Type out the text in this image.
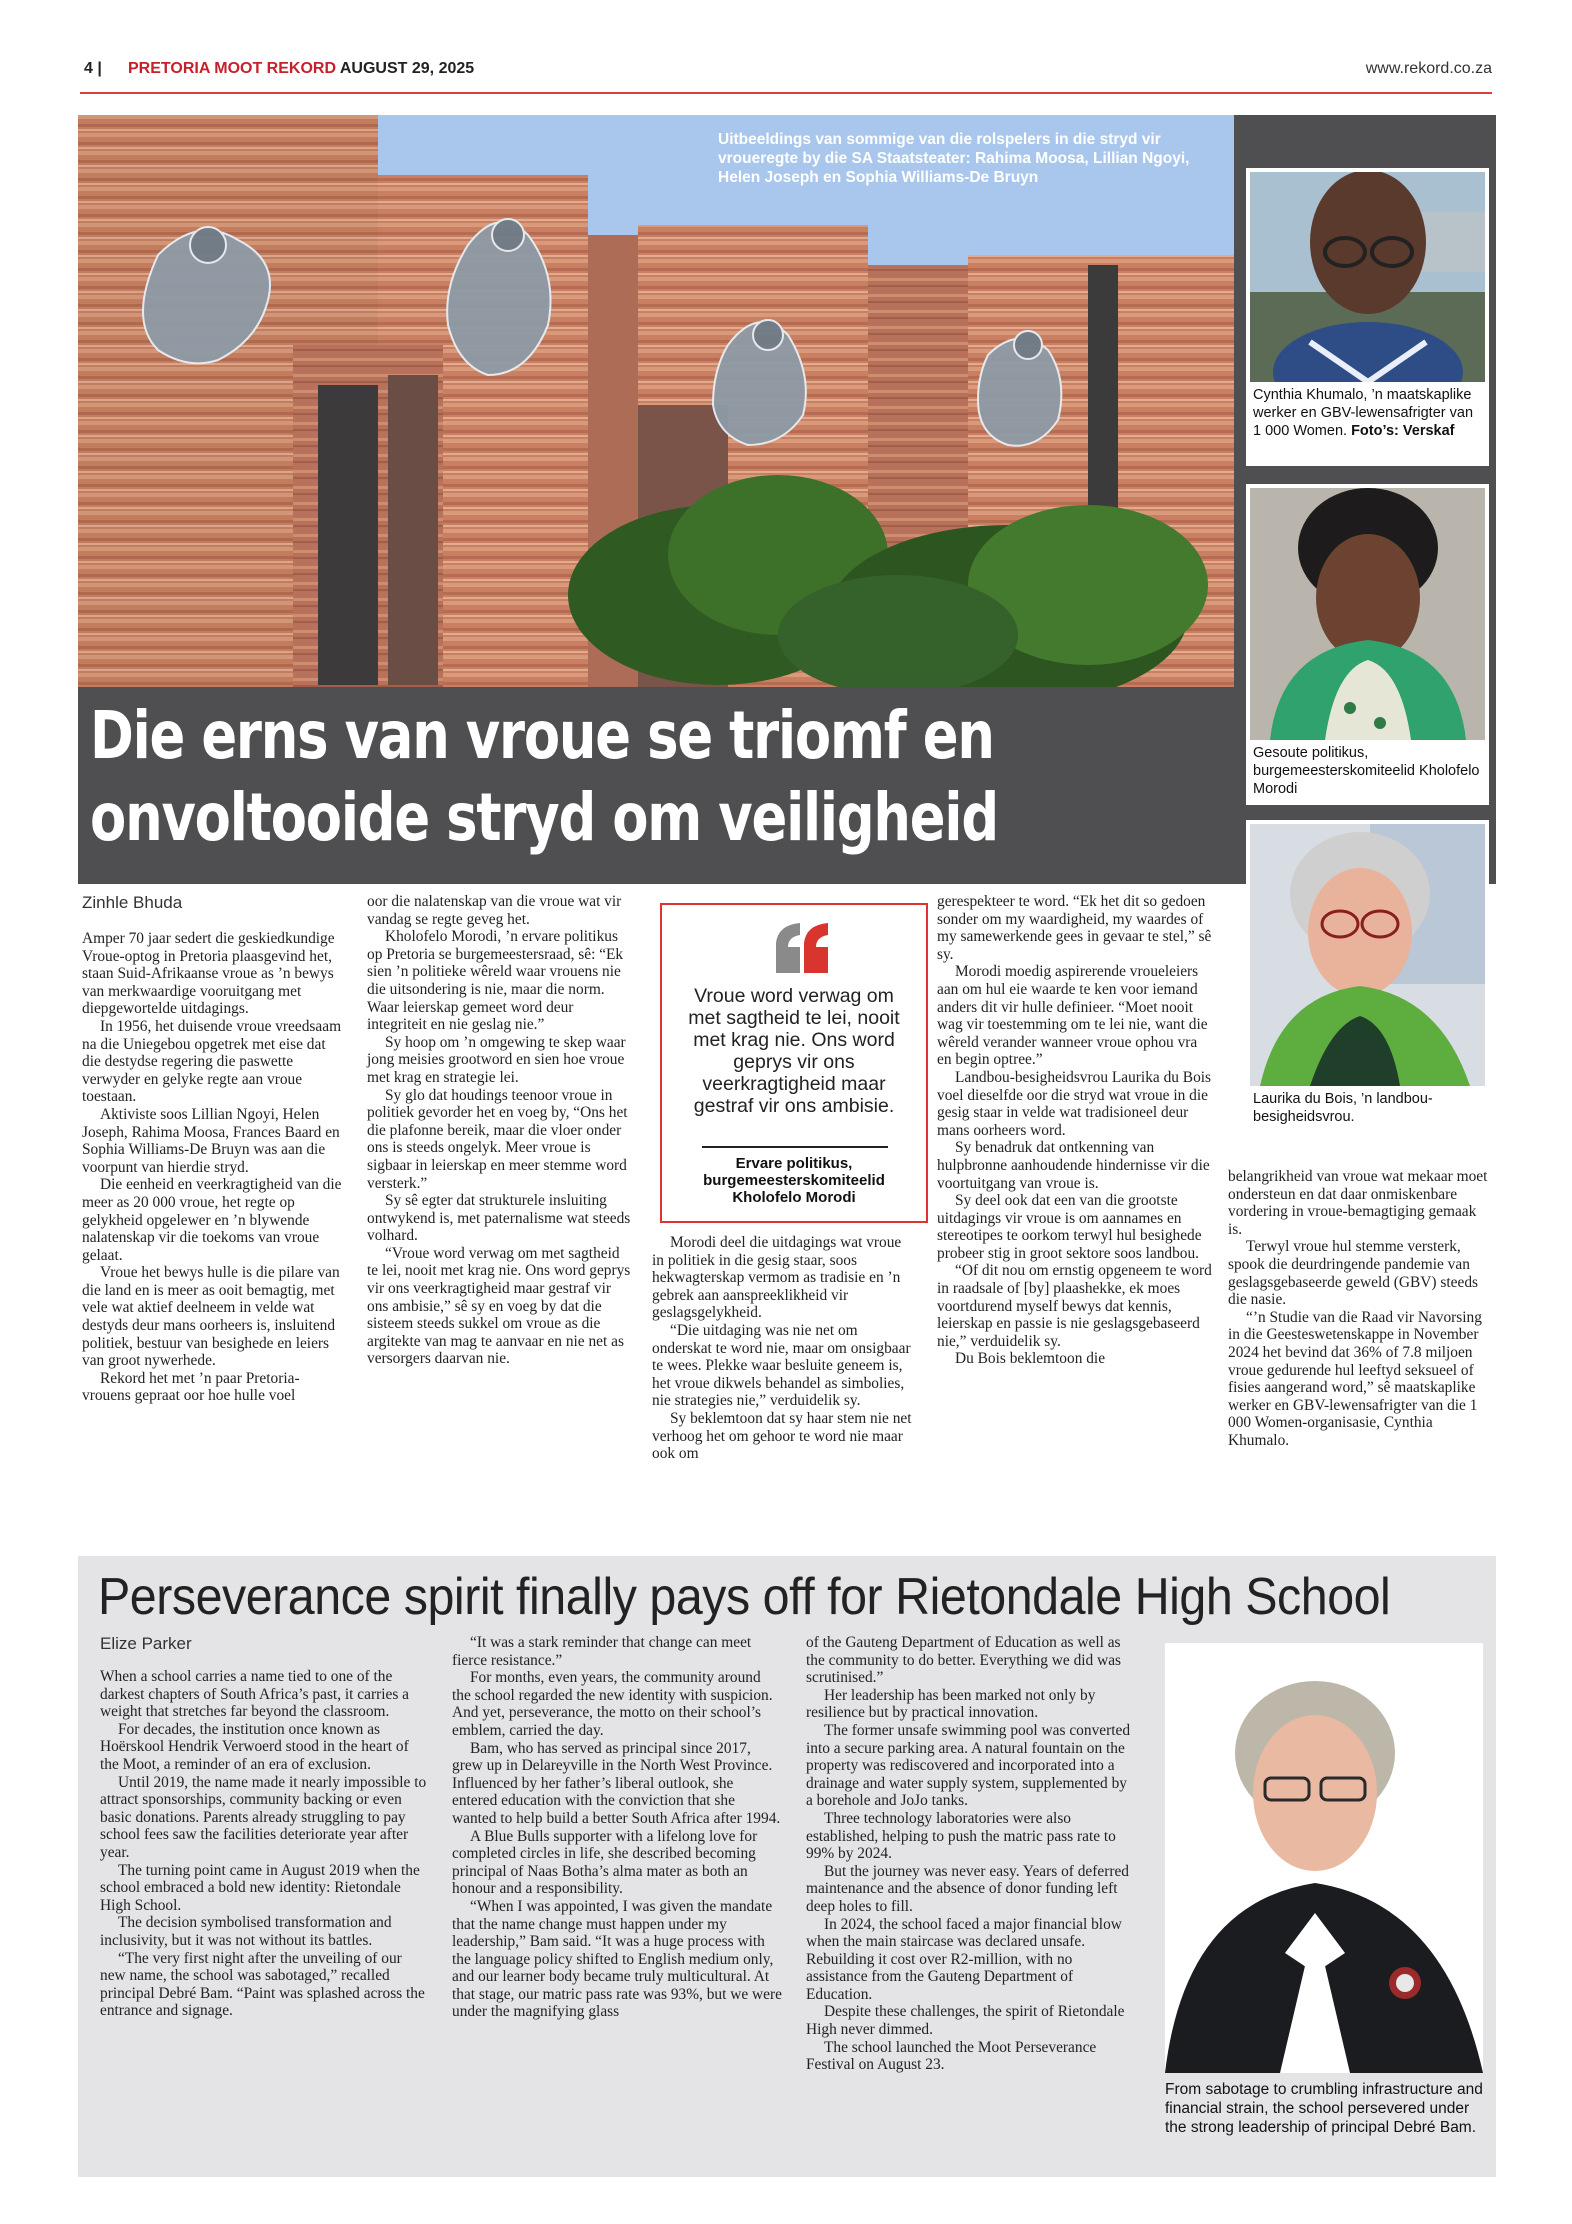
4 | PRETORIA MOOT REKORD AUGUST 29, 2025	www.rekord.co.za
Uitbeeldings van sommige van die rolspelers in die stryd vir vroueregte by die SA Staatsteater: Rahima Moosa, Lillian Ngoyi, Helen Joseph en Sophia Williams-De Bruyn
Die erns van vroue se triomf en
onvoltooide stryd om veiligheid
Cynthia Khumalo, ’n maatskaplike werker en GBV-lewensafrigter van 1 000 Women. Foto’s: Verskaf
Gesoute politikus, burgemeesterskomiteelid Kholofelo Morodi
Laurika du Bois, ’n landbou-besigheidsvrou.
Zinhle Bhuda

Amper 70 jaar sedert die geskiedkundige Vroue-optog in Pretoria plaasgevind het, staan Suid-Afrikaanse vroue as ’n bewys van merkwaardige vooruitgang met diepgewortelde uitdagings.

In 1956, het duisende vroue vreedsaam na die Uniegebou opgetrek met eise dat die destydse regering die paswette verwyder en gelyke regte aan vroue toestaan.

Aktiviste soos Lillian Ngoyi, Helen Joseph, Rahima Moosa, Frances Baard en Sophia Williams-De Bruyn was aan die voorpunt van hierdie stryd.

Die eenheid en veerkragtigheid van die meer as 20 000 vroue, het regte op gelykheid opgelewer en ’n blywende nalatenskap vir die toekoms van vroue gelaat.

Vroue het bewys hulle is die pilare van die land en is meer as ooit bemagtig, met vele wat aktief deelneem in velde wat destyds deur mans oorheers is, insluitend politiek, bestuur van besighede en leiers van groot nywerhede.

Rekord het met ’n paar Pretoria-vrouens gepraat oor hoe hulle voel

oor die nalatenskap van die vroue wat vir vandag se regte geveg het.

Kholofelo Morodi, ’n ervare politikus op Pretoria se burgemeestersraad, sê: “Ek sien ’n politieke wêreld waar vrouens nie die uitsondering is nie, maar die norm. Waar leierskap gemeet word deur integriteit en nie geslag nie.”

Sy hoop om ’n omgewing te skep waar jong meisies grootword en sien hoe vroue met krag en strategie lei.

Sy glo dat houdings teenoor vroue in politiek gevorder het en voeg by, “Ons het die plafonne bereik, maar die vloer onder ons is steeds ongelyk. Meer vroue is sigbaar in leierskap en meer stemme word versterk.”

Sy sê egter dat strukturele insluiting ontwykend is, met paternalisme wat steeds volhard.

“Vroue word verwag om met sagtheid te lei, nooit met krag nie. Ons word geprys vir ons veerkragtigheid maar gestraf vir ons ambisie,” sê sy en voeg by dat die sisteem steeds sukkel om vroue as die argitekte van mag te aanvaar en nie net as versorgers daarvan nie.

Vroue word verwag om met sagtheid te lei, nooit met krag nie. Ons word geprys vir ons veerkragtigheid maar gestraf vir ons ambisie.
Ervare politikus, burgemeesterskomiteelid Kholofelo Morodi

Morodi deel die uitdagings wat vroue in politiek in die gesig staar, soos hekwagterskap vermom as tradisie en ’n gebrek aan aanspreeklikheid vir geslagsgelykheid.

“Die uitdaging was nie net om onderskat te word nie, maar om onsigbaar te wees. Plekke waar besluite geneem is, het vroue dikwels behandel as simbolies, nie strategies nie,” verduidelik sy.

Sy beklemtoon dat sy haar stem nie net verhoog het om gehoor te word nie maar ook om

gerespekteer te word. “Ek het dit so gedoen sonder om my waardigheid, my waardes of my samewerkende gees in gevaar te stel,” sê sy.

Morodi moedig aspirerende vroueleiers aan om hul eie waarde te ken voor iemand anders dit vir hulle definieer. “Moet nooit wag vir toestemming om te lei nie, want die wêreld verander wanneer vroue ophou vra en begin optree.”

Landbou-besigheidsvrou Laurika du Bois voel dieselfde oor die stryd wat vroue in die gesig staar in velde wat tradisioneel deur mans oorheers word.

Sy benadruk dat ontkenning van hulpbronne aanhoudende hindernisse vir die voortuitgang van vroue is.

Sy deel ook dat een van die grootste uitdagings vir vroue is om aannames en stereotipes te oorkom terwyl hul besighede probeer stig in groot sektore soos landbou.

“Of dit nou om ernstig opgeneem te word in raadsale of [by] plaashekke, ek moes voortdurend myself bewys dat kennis, leierskap en passie is nie geslagsgebaseerd nie,” verduidelik sy.

Du Bois beklemtoon die

belangrikheid van vroue wat mekaar moet ondersteun en dat daar onmiskenbare vordering in vroue-bemagtiging gemaak is.

Terwyl vroue hul stemme versterk, spook die deurdringende pandemie van geslagsgebaseerde geweld (GBV) steeds die nasie.

“’n Studie van die Raad vir Navorsing in die Geesteswetenskappe in November 2024 het bevind dat 36% of 7.8 miljoen vroue gedurende hul leeftyd seksueel of fisies aangerand word,” sê maatskaplike werker en GBV-lewensafrigter van die 1 000 Women-organisasie, Cynthia Khumalo.

Perseverance spirit finally pays off for Rietondale High School
Elize Parker

When a school carries a name tied to one of the darkest chapters of South Africa’s past, it carries a weight that stretches far beyond the classroom.

For decades, the institution once known as Hoërskool Hendrik Verwoerd stood in the heart of the Moot, a reminder of an era of exclusion.

Until 2019, the name made it nearly impossible to attract sponsorships, community backing or even basic donations. Parents already struggling to pay school fees saw the facilities deteriorate year after year.

The turning point came in August 2019 when the school embraced a bold new identity: Rietondale High School.

The decision symbolised transformation and inclusivity, but it was not without its battles.

“The very first night after the unveiling of our new name, the school was sabotaged,” recalled principal Debré Bam. “Paint was splashed across the entrance and signage.

“It was a stark reminder that change can meet fierce resistance.”

For months, even years, the community around the school regarded the new identity with suspicion. And yet, perseverance, the motto on their school’s emblem, carried the day.

Bam, who has served as principal since 2017, grew up in Delareyville in the North West Province. Influenced by her father’s liberal outlook, she entered education with the conviction that she wanted to help build a better South Africa after 1994.

A Blue Bulls supporter with a lifelong love for completed circles in life, she described becoming principal of Naas Botha’s alma mater as both an honour and a responsibility.

“When I was appointed, I was given the mandate that the name change must happen under my leadership,” Bam said. “It was a huge process with the language policy shifted to English medium only, and our learner body became truly multicultural. At that stage, our matric pass rate was 93%, but we were under the magnifying glass

of the Gauteng Department of Education as well as the community to do better. Everything we did was scrutinised.”

Her leadership has been marked not only by resilience but by practical innovation.

The former unsafe swimming pool was converted into a secure parking area. A natural fountain on the property was rediscovered and incorporated into a drainage and water supply system, supplemented by a borehole and JoJo tanks.

Three technology laboratories were also established, helping to push the matric pass rate to 99% by 2024.

But the journey was never easy. Years of deferred maintenance and the absence of donor funding left deep holes to fill.

In 2024, the school faced a major financial blow when the main staircase was declared unsafe. Rebuilding it cost over R2-million, with no assistance from the Gauteng Department of Education.

Despite these challenges, the spirit of Rietondale High never dimmed.

The school launched the Moot Perseverance Festival on August 23.

From sabotage to crumbling infrastructure and financial strain, the school persevered under the strong leadership of principal Debré Bam.
